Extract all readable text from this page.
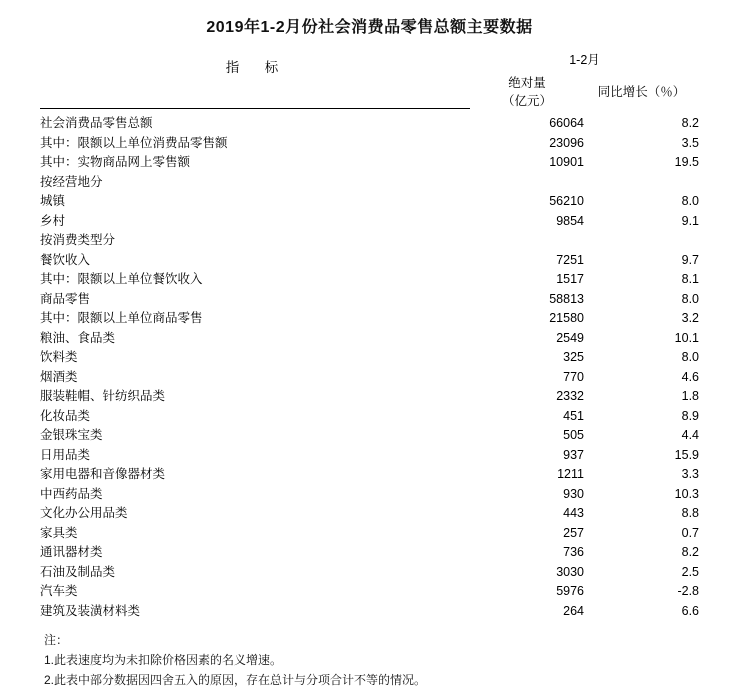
2019年1-2月份社会消费品零售总额主要数据
指　标	1-2月	

	绝对量
（亿元）	同比增长（％）

社会消费品零售总额	66064	8.2
其中：限额以上单位消费品零售额	23096	3.5
其中：实物商品网上零售额	10901	19.5
按经营地分		
城镇	56210	8.0
乡村	9854	9.1
按消费类型分		
餐饮收入	7251	9.7
其中：限额以上单位餐饮收入	1517	8.1
商品零售	58813	8.0
其中：限额以上单位商品零售	21580	3.2
粮油、食品类	2549	10.1
饮料类	325	8.0
烟酒类	770	4.6
服装鞋帽、针纺织品类	2332	1.8
化妆品类	451	8.9
金银珠宝类	505	4.4
日用品类	937	15.9
家用电器和音像器材类	1211	3.3
中西药品类	930	10.3
文化办公用品类	443	8.8
家具类	257	0.7
通讯器材类	736	8.2
石油及制品类	3030	2.5
汽车类	5976	-2.8
建筑及装潢材料类	264	6.6
注：
1.此表速度均为未扣除价格因素的名义增速。
2.此表中部分数据因四舍五入的原因，存在总计与分项合计不等的情况。
